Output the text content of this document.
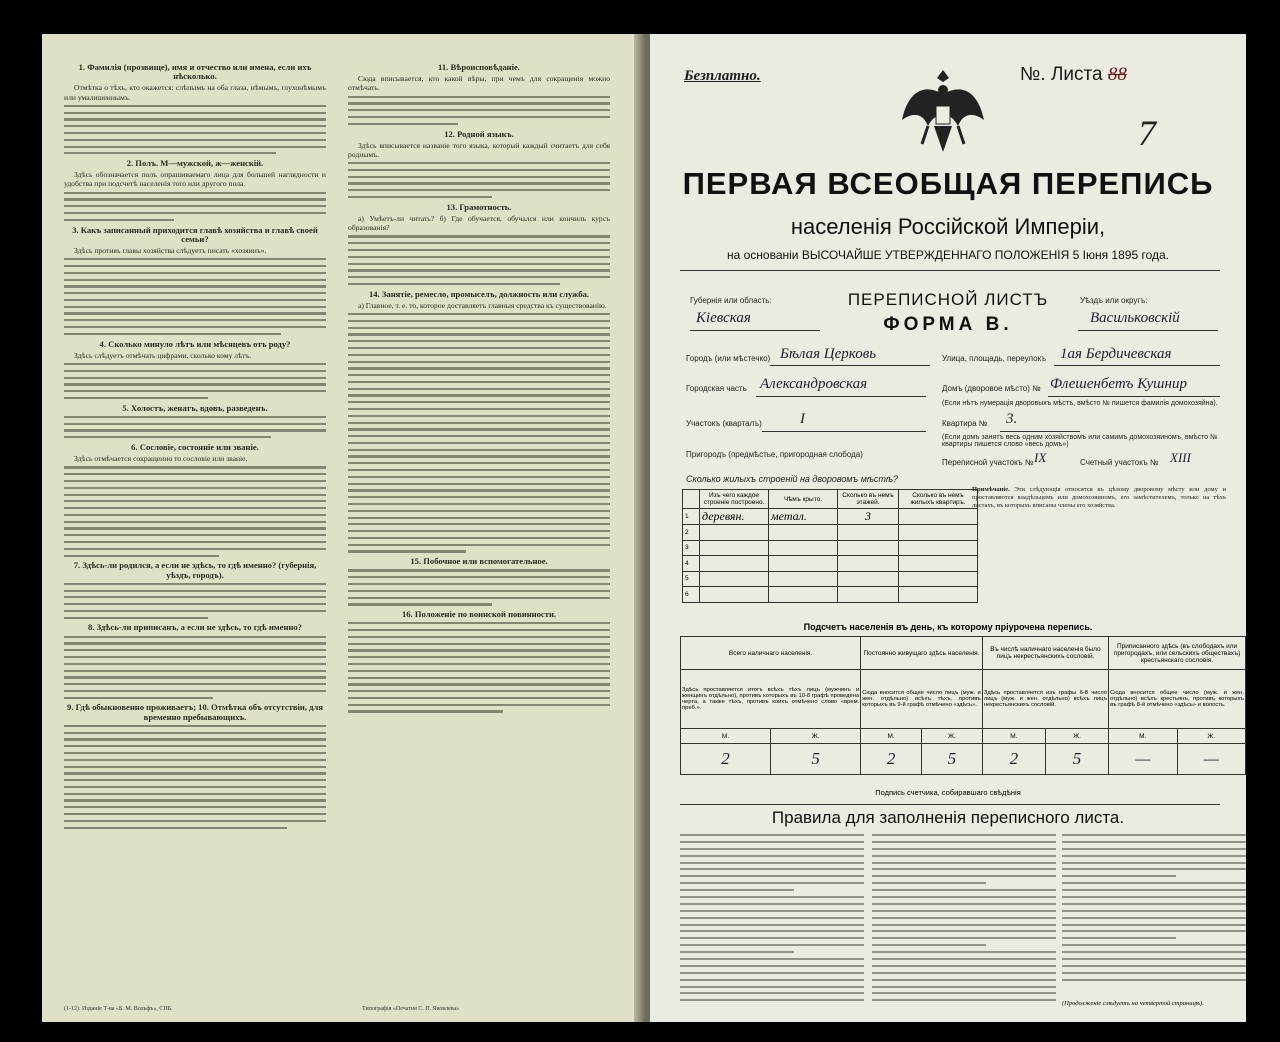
1. Фамилія (прозвище), имя и отчество или имена, если ихъ нѣсколько.

Отмѣтка о тѣхъ, кто окажется: слѣпымъ на оба глаза, нѣмымъ, глухонѣмымъ или умалишеннымъ.

2. Полъ. М—мужской, ж—женскій.

Здѣсь обозначается полъ опрашиваемаго лица для большей наглядности и удобства при подсчетѣ населенія того или другого пола.

3. Какъ записанный приходится главѣ хозяйства и главѣ своей семьи?

Здѣсь противъ главы хозяйства слѣдуетъ писать «хозяинъ».

4. Сколько минуло лѣтъ или мѣсяцевъ отъ роду?

Здѣсь слѣдуетъ отмѣчать цифрами, сколько кому лѣтъ.

5. Холостъ, женатъ, вдовъ, разведенъ.

6. Сословіе, состояніе или званіе.

Здѣсь отмѣчается сокращенно то сословіе или званіе.

7. Здѣсь-ли родился, а если не здѣсь, то гдѣ именно? (губернія, уѣздъ, городъ).

8. Здѣсь-ли приписанъ, а если не здѣсь, то гдѣ именно?

9. Гдѣ обыкновенно проживаетъ; 10. Отмѣтка объ отсутствіи, для временно пребывающихъ.

11. Вѣроисповѣданіе.

Сюда вписывается, кто какой вѣры, при чемъ для сокращенія можно отмѣчать.

12. Родной языкъ.

Здѣсь вписывается названіе того языка, который каждый считаетъ для себя роднымъ.

13. Грамотность.

а) Умѣетъ-ли читать? б) Где обучается, обучался или кончилъ курсъ образованія?

14. Занятіе, ремесло, промыселъ, должность или служба.

а) Главное, т. е. то, которое доставляетъ главныя средства къ существованію.

15. Побочное или вспомогательное.

16. Положеніе по воинской повинности.

(1-12). Изданіе Т-ва «Б. М. Вольфъ», СПБ.	Типографія «Печатня С. П. Яковлева»
Безплатно.	№. Листа 88
7
ПЕРВАЯ ВСЕОБЩАЯ ПЕРЕПИСЬ
населенія Россійской Имперіи,
на основаніи ВЫСОЧАЙШЕ УТВЕРЖДЕННАГО ПОЛОЖЕНІЯ 5 Іюня 1895 года.
ПЕРЕПИСНОЙ ЛИСТЪ
ФОРМА В.
Губернія или область:
Кіевская
Уѣздъ или округъ:
Васильковскій
Городъ (или мѣстечко) Бѣлая Церковь	Улица, площадь, переулокъ 1ая Бердичевская
Городская часть Александровская	Домъ (дворовое мѣсто) № Флешенбетъ Кушнир
(Если нѣтъ нумерація дворовыхъ мѣстъ, вмѣсто № пишется фамилія домохозяйна).
Участокъ (кварталъ)	I	Квартира № 3.
(Если домъ занятъ весь одним хозяйствомъ или самимъ домохозяиномъ, вмѣсто № квартиры пишется слово «весь домъ»)
Пригородъ (предмѣстье, пригородная слобода)
Переписной участокъ № IX	Счетный участокъ № XIII
Сколько жилыхъ строеній на дворовомъ мѣстѣ?
	Изъ чего каждое строеніе построено.	Чѣмъ крыто.	Сколько въ немъ этажей.	Сколько въ немъ жилыхъ квартиръ.
1	деревян.	метал.	3	
2				
3				
4				
5				
6				
Примѣчаніе. Эти слѣдующія относятся къ цѣлому дворовому мѣсту или дому и проставляются владѣльцемъ или домохозяиномъ, его замѣстителемъ, только на тѣхъ листахъ, въ которыхъ вписаны члены его хозяйства.
Подсчетъ населенія въ день, къ которому пріурочена перепись.
Всего наличнаго населенія.		Постоянно живущаго здѣсь населенія.		Въ числѣ наличнаго населенія было лицъ некрестьянскихъ сословій.		Приписанного здѣсь (въ слободахъ или пригородахъ, или сельскихъ обществахъ) крестьянскаго сословія.	
Здѣсь проставляется итогъ всѣхъ тѣхъ лицъ (мужчинъ и женщинъ отдѣльно), противъ которыхъ въ 10-8 графѣ проведена черта, а также тѣхъ, противъ коихъ отмѣчено слово «врем. преб.».		Сюда вносится общее число лицъ (муж. и жен. отдѣльно) всѣхъ тѣхъ, противъ которыхъ въ 9-й графѣ отмѣчено «здѣсь».		Здѣсь проставляется изъ графы 6-8 число лицъ (муж. и жен. отдѣльно) всѣхъ лицъ некрестьянскихъ сословій.		Сюда вносится общее число (муж. и жен. отдѣльно) всѣхъ крестьянъ, противъ которыхъ въ графѣ 8-й отмѣчено «здѣсь» и волость.	
М.	Ж.	М.	Ж.	М.	Ж.	М.	Ж.
2	5	2	5	2	5	—	—
Подпись счетчика, собиравшаго свѣдѣнія
Правила для заполненія переписного листа.
(Продолженіе слѣдуетъ на четвертой страницѣ).
